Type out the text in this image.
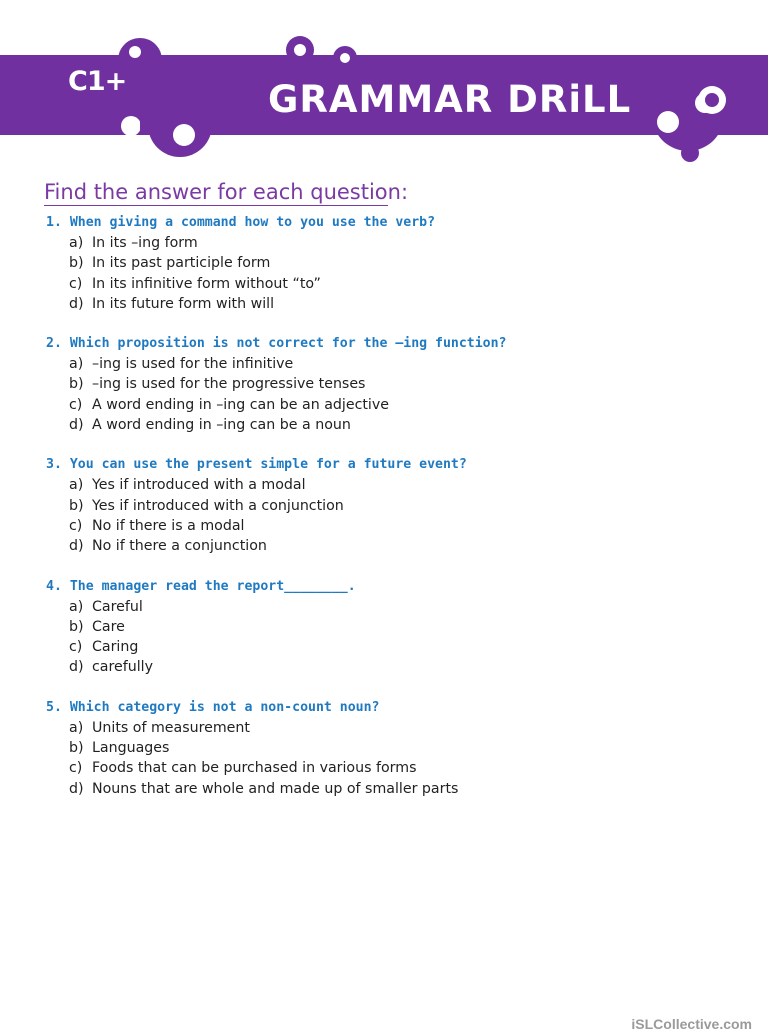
C1+	GRAMMAR DRiLL
Find the answer for each question:
1. When giving a command how to you use the verb?
a) In its –ing form
b) In its past participle form
c) In its infinitive form without “to”
d) In its future form with will
2. Which proposition is not correct for the –ing function?
a) –ing is used for the infinitive
b) –ing is used for the progressive tenses
c) A word ending in –ing can be an adjective
d) A word ending in –ing can be a noun
3. You can use the present simple for a future event?
a) Yes if introduced with a modal
b) Yes if introduced with a conjunction
c) No if there is a modal
d) No if there a conjunction
4. The manager read the report________.
a) Careful
b) Care
c) Caring
d) carefully
5. Which category is not a non-count noun?
a) Units of measurement
b) Languages
c) Foods that can be purchased in various forms
d) Nouns that are whole and made up of smaller parts
iSLCollective.com
